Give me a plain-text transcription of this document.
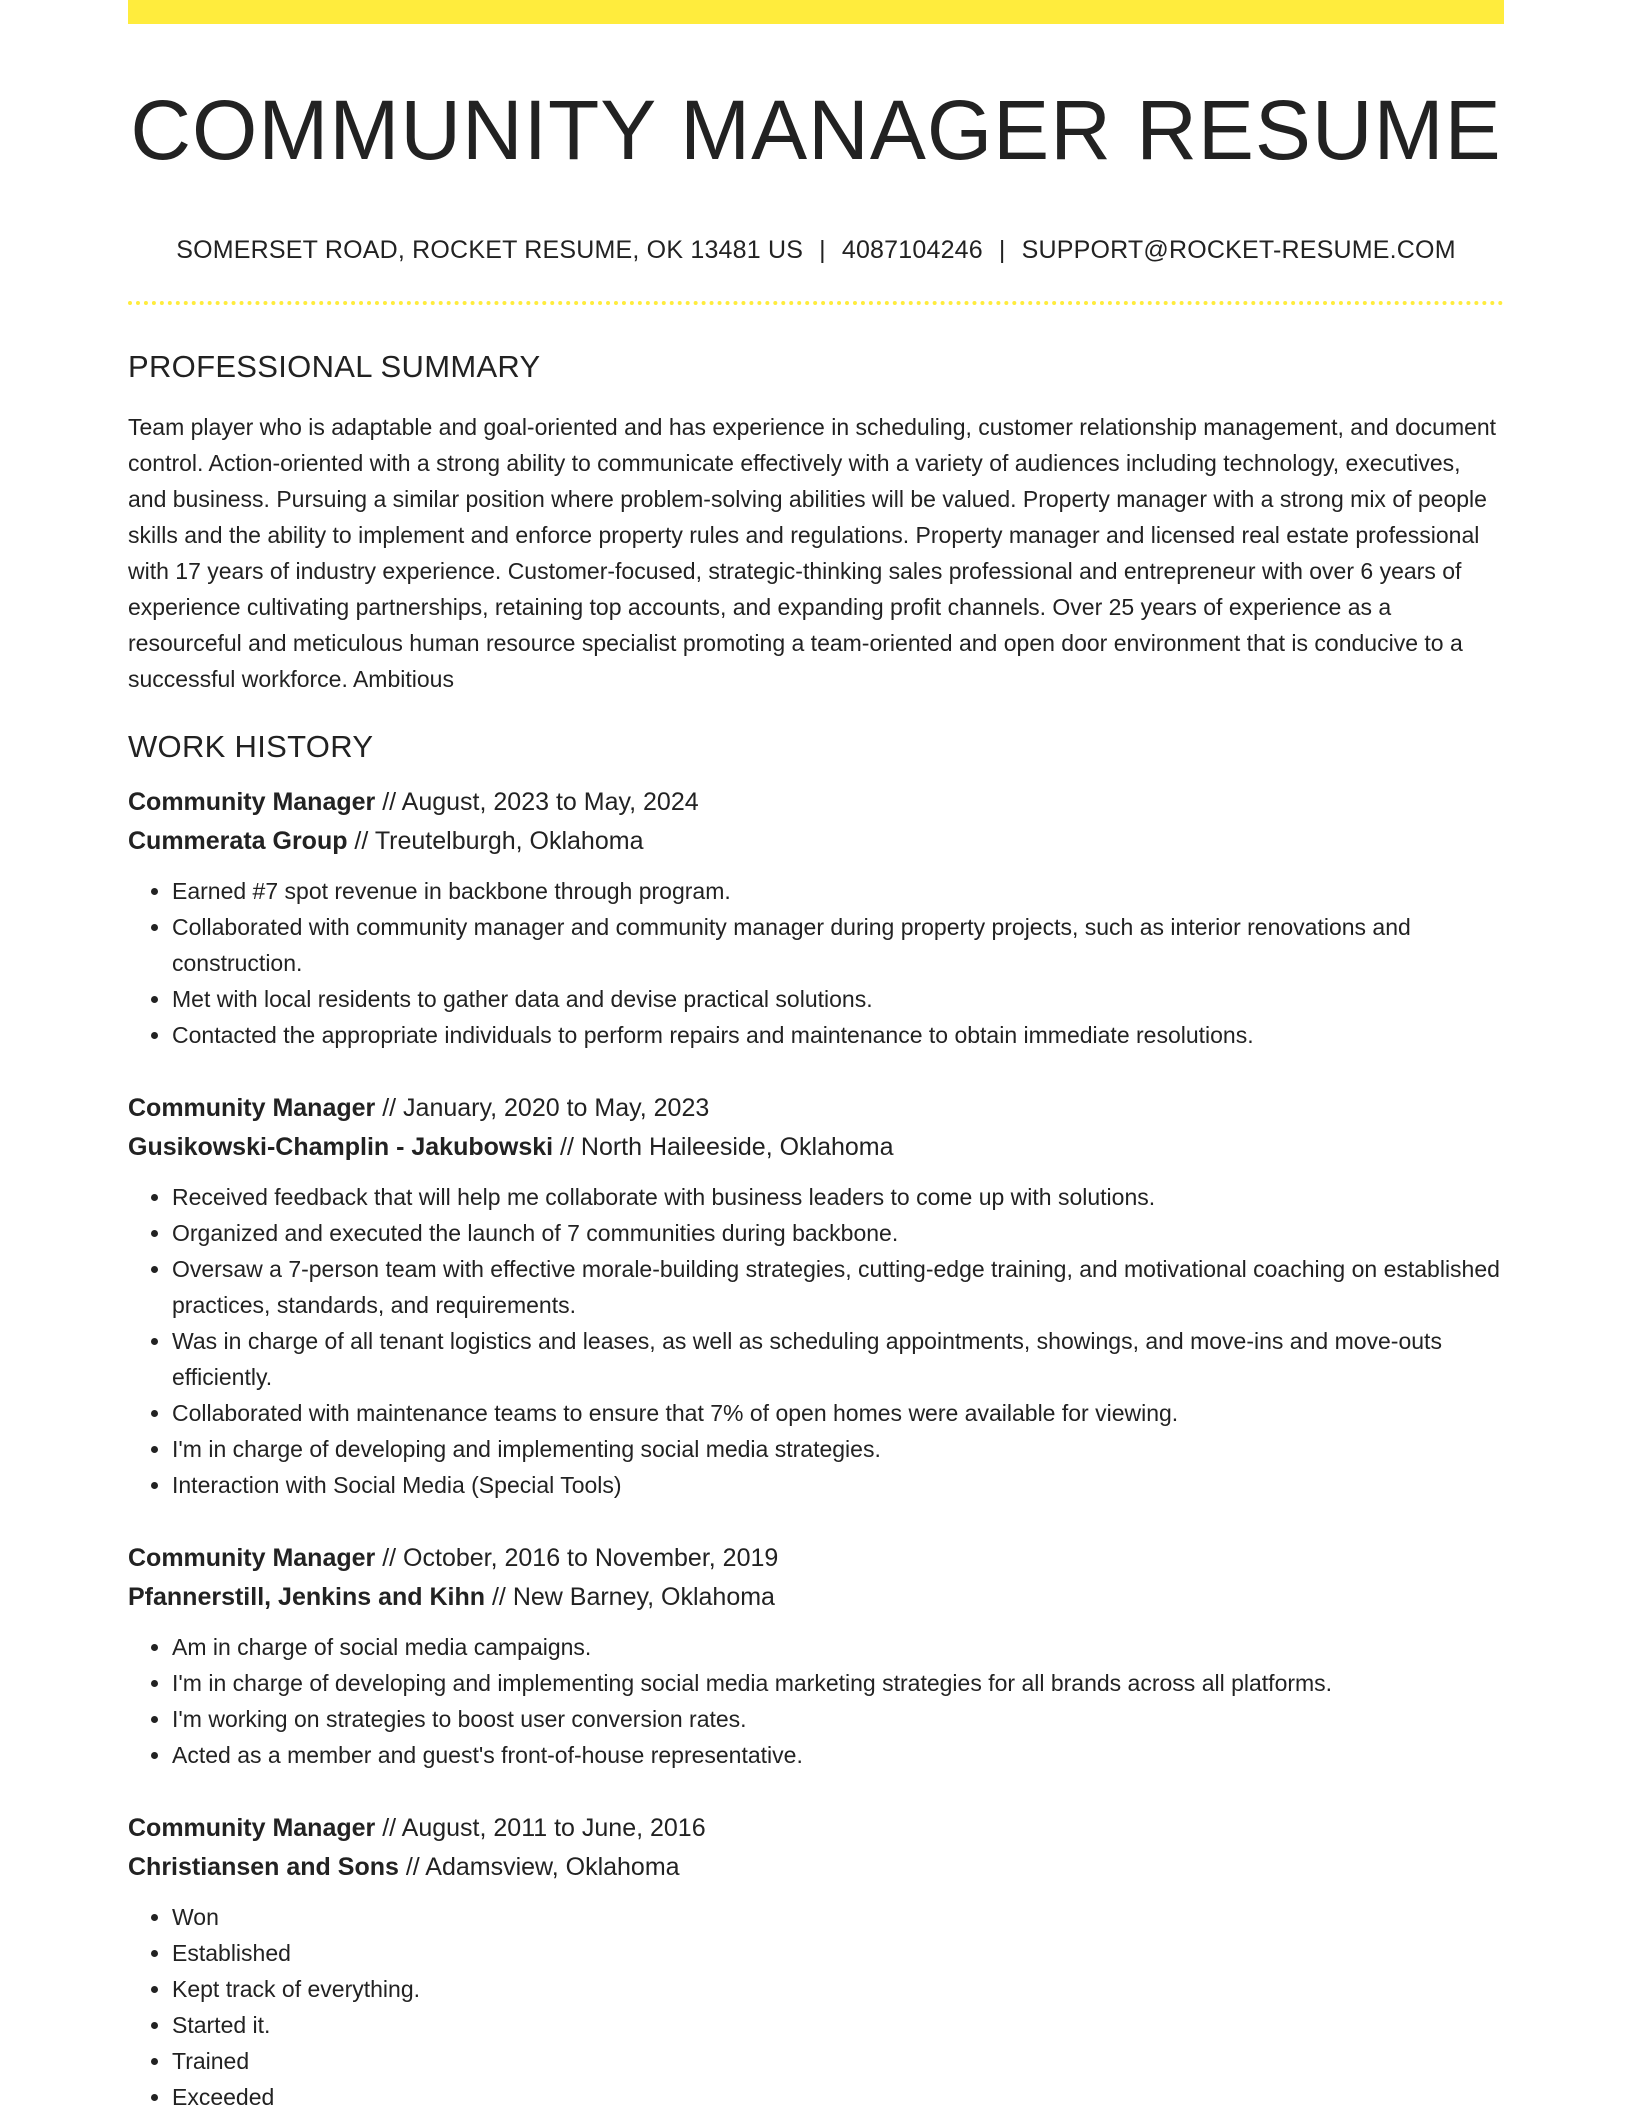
COMMUNITY MANAGER RESUME
SOMERSET ROAD, ROCKET RESUME, OK 13481 US | 4087104246 | SUPPORT@ROCKET-RESUME.COM
PROFESSIONAL SUMMARY

Team player who is adaptable and goal-oriented and has experience in scheduling, customer relationship management, and document control. Action-oriented with a strong ability to communicate effectively with a variety of audiences including technology, executives, and business. Pursuing a similar position where problem-solving abilities will be valued. Property manager with a strong mix of people skills and the ability to implement and enforce property rules and regulations. Property manager and licensed real estate professional with 17 years of industry experience. Customer-focused, strategic-thinking sales professional and entrepreneur with over 6 years of experience cultivating partnerships, retaining top accounts, and expanding profit channels. Over 25 years of experience as a resourceful and meticulous human resource specialist promoting a team-oriented and open door environment that is conducive to a successful workforce. Ambitious

WORK HISTORY
Community Manager // August, 2023 to May, 2024
Cummerata Group // Treutelburgh, Oklahoma
• Earned #7 spot revenue in backbone through program.
• Collaborated with community manager and community manager during property projects, such as interior renovations and construction.
• Met with local residents to gather data and devise practical solutions.
• Contacted the appropriate individuals to perform repairs and maintenance to obtain immediate resolutions.
Community Manager // January, 2020 to May, 2023
Gusikowski-Champlin - Jakubowski // North Haileeside, Oklahoma
• Received feedback that will help me collaborate with business leaders to come up with solutions.
• Organized and executed the launch of 7 communities during backbone.
• Oversaw a 7-person team with effective morale-building strategies, cutting-edge training, and motivational coaching on established practices, standards, and requirements.
• Was in charge of all tenant logistics and leases, as well as scheduling appointments, showings, and move-ins and move-outs efficiently.
• Collaborated with maintenance teams to ensure that 7% of open homes were available for viewing.
• I'm in charge of developing and implementing social media strategies.
• Interaction with Social Media (Special Tools)
Community Manager // October, 2016 to November, 2019
Pfannerstill, Jenkins and Kihn // New Barney, Oklahoma
• Am in charge of social media campaigns.
• I'm in charge of developing and implementing social media marketing strategies for all brands across all platforms.
• I'm working on strategies to boost user conversion rates.
• Acted as a member and guest's front-of-house representative.
Community Manager // August, 2011 to June, 2016
Christiansen and Sons // Adamsview, Oklahoma
• Won
• Established
• Kept track of everything.
• Started it.
• Trained
• Exceeded
